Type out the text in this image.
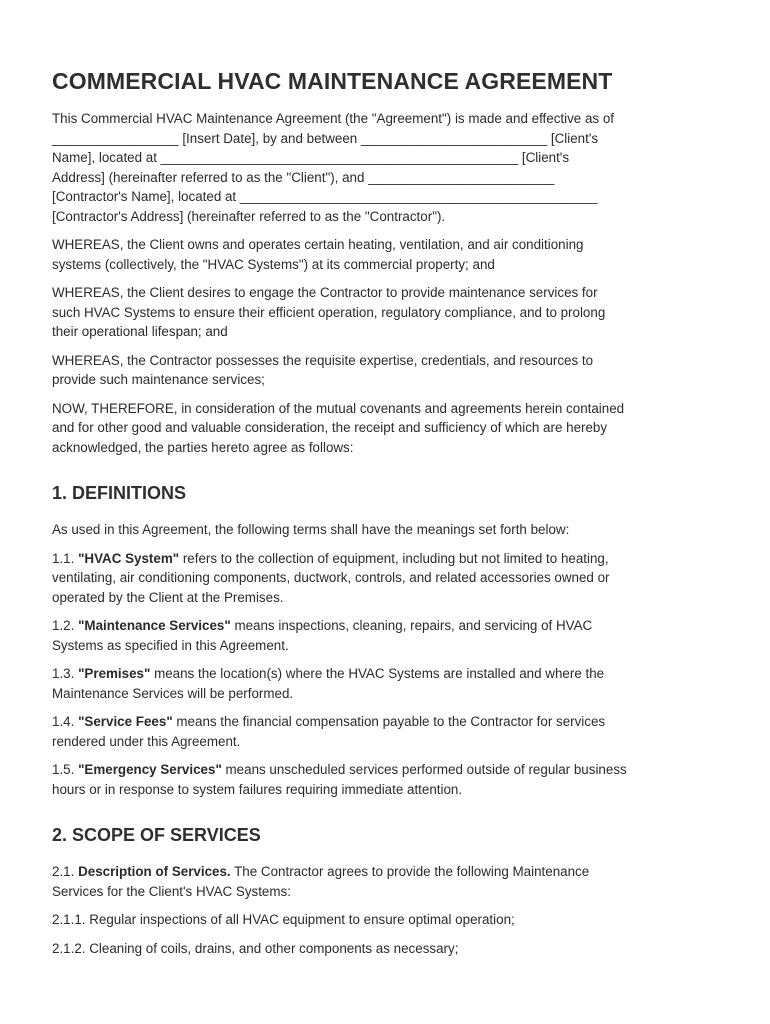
COMMERCIAL HVAC MAINTENANCE AGREEMENT

This Commercial HVAC Maintenance Agreement (the "Agreement") is made and effective as of
_________________ [Insert Date], by and between _________________________ [Client's
Name], located at ________________________________________________ [Client's
Address] (hereinafter referred to as the "Client"), and _________________________
[Contractor's Name], located at ________________________________________________
[Contractor's Address] (hereinafter referred to as the "Contractor").

WHEREAS, the Client owns and operates certain heating, ventilation, and air conditioning
systems (collectively, the "HVAC Systems") at its commercial property; and

WHEREAS, the Client desires to engage the Contractor to provide maintenance services for
such HVAC Systems to ensure their efficient operation, regulatory compliance, and to prolong
their operational lifespan; and

WHEREAS, the Contractor possesses the requisite expertise, credentials, and resources to
provide such maintenance services;

NOW, THEREFORE, in consideration of the mutual covenants and agreements herein contained
and for other good and valuable consideration, the receipt and sufficiency of which are hereby
acknowledged, the parties hereto agree as follows:

1. DEFINITIONS

As used in this Agreement, the following terms shall have the meanings set forth below:

1.1. "HVAC System" refers to the collection of equipment, including but not limited to heating,
ventilating, air conditioning components, ductwork, controls, and related accessories owned or
operated by the Client at the Premises.

1.2. "Maintenance Services" means inspections, cleaning, repairs, and servicing of HVAC
Systems as specified in this Agreement.

1.3. "Premises" means the location(s) where the HVAC Systems are installed and where the
Maintenance Services will be performed.

1.4. "Service Fees" means the financial compensation payable to the Contractor for services
rendered under this Agreement.

1.5. "Emergency Services" means unscheduled services performed outside of regular business
hours or in response to system failures requiring immediate attention.

2. SCOPE OF SERVICES

2.1. Description of Services. The Contractor agrees to provide the following Maintenance
Services for the Client's HVAC Systems:

2.1.1. Regular inspections of all HVAC equipment to ensure optimal operation;

2.1.2. Cleaning of coils, drains, and other components as necessary;
